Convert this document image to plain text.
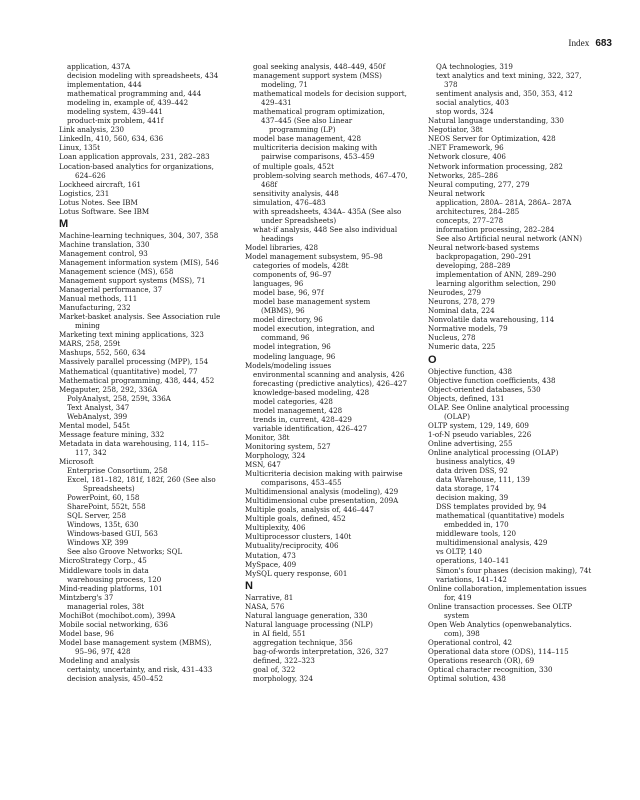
Index 683
application, 437A
decision modeling with spreadsheets, 434
implementation, 444
mathematical programming and, 444
modeling in, example of, 439–442
modeling system, 439–441
product-mix problem, 441f
Link analysis, 230
LinkedIn, 410, 560, 634, 636
Linux, 135t
Loan application approvals, 231, 282–283
Location-based analytics for organizations,
624–626
Lockheed aircraft, 161
Logistics, 231
Lotus Notes. See IBM
Lotus Software. See IBM
M
Machine-learning techniques, 304, 307, 358
Machine translation, 330
Management control, 93
Management information system (MIS), 546
Management science (MS), 658
Management support systems (MSS), 71
Managerial performance, 37
Manual methods, 111
Manufacturing, 232
Market-basket analysis. See Association rule
mining
Marketing text mining applications, 323
MARS, 258, 259t
Mashups, 552, 560, 634
Massively parallel processing (MPP), 154
Mathematical (quantitative) model, 77
Mathematical programming, 438, 444, 452
Megaputer, 258, 292, 336A
PolyAnalyst, 258, 259t, 336A
Text Analyst, 347
WebAnalyst, 399
Mental model, 545t
Message feature mining, 332
Metadata in data warehousing, 114, 115–
117, 342
Microsoft
Enterprise Consortium, 258
Excel, 181–182, 181f, 182f, 260 (See also
Spreadsheets)
PowerPoint, 60, 158
SharePoint, 552t, 558
SQL Server, 258
Windows, 135t, 630
Windows-based GUI, 563
Windows XP, 399
See also Groove Networks; SQL
MicroStrategy Corp., 45
Middleware tools in data
warehousing process, 120
Mind-reading platforms, 101
Mintzberg's 37
managerial roles, 38t
MochiBot (mochibot.com), 399A
Mobile social networking, 636
Model base, 96
Model base management system (MBMS),
95–96, 97f, 428
Modeling and analysis
certainty, uncertainty, and risk, 431–433
decision analysis, 450–452
goal seeking analysis, 448–449, 450f
management support system (MSS)
modeling, 71
mathematical models for decision support,
429–431
mathematical program optimization,
437–445 (See also Linear
programming (LP)
model base management, 428
multicriteria decision making with
pairwise comparisons, 453–459
of multiple goals, 452t
problem-solving search methods, 467–470,
468f
sensitivity analysis, 448
simulation, 476–483
with spreadsheets, 434A– 435A (See also
under Spreadsheets)
what-if analysis, 448 See also individual
headings
Model libraries, 428
Model management subsystem, 95–98
categories of models, 428t
components of, 96–97
languages, 96
model base, 96, 97f
model base management system
(MBMS), 96
model directory, 96
model execution, integration, and
command, 96
model integration, 96
modeling language, 96
Models/modeling issues
environmental scanning and analysis, 426
forecasting (predictive analytics), 426–427
knowledge-based modeling, 428
model categories, 428
model management, 428
trends in, current, 428–429
variable identification, 426–427
Monitor, 38t
Monitoring system, 527
Morphology, 324
MSN, 647
Multicriteria decision making with pairwise
comparisons, 453–455
Multidimensional analysis (modeling), 429
Multidimensional cube presentation, 209A
Multiple goals, analysis of, 446–447
Multiple goals, defined, 452
Multiplexity, 406
Multiprocessor clusters, 140t
Mutuality/reciprocity, 406
Mutation, 473
MySpace, 409
MySQL query response, 601
N
Narrative, 81
NASA, 576
Natural language generation, 330
Natural language processing (NLP)
in AI field, 551
aggregation technique, 356
bag-of-words interpretation, 326, 327
defined, 322–323
goal of, 322
morphology, 324
QA technologies, 319
text analytics and text mining, 322, 327,
378
sentiment analysis and, 350, 353, 412
social analytics, 403
stop words, 324
Natural language understanding, 330
Negotiator, 38t
NEOS Server for Optimization, 428
.NET Framework, 96
Network closure, 406
Network information processing, 282
Networks, 285–286
Neural computing, 277, 279
Neural network
application, 280A– 281A, 286A– 287A
architectures, 284–285
concepts, 277–278
information processing, 282–284
See also Artificial neural network (ANN)
Neural network-based systems
backpropagation, 290–291
developing, 288–289
implementation of ANN, 289–290
learning algorithm selection, 290
Neurodes, 279
Neurons, 278, 279
Nominal data, 224
Nonvolatile data warehousing, 114
Normative models, 79
Nucleus, 278
Numeric data, 225
O
Objective function, 438
Objective function coefficients, 438
Object-oriented databases, 530
Objects, defined, 131
OLAP. See Online analytical processing
(OLAP)
OLTP system, 129, 149, 609
1-of-N pseudo variables, 226
Online advertising, 255
Online analytical processing (OLAP)
business analytics, 49
data driven DSS, 92
data Warehouse, 111, 139
data storage, 174
decision making, 39
DSS templates provided by, 94
mathematical (quantitative) models
embedded in, 170
middleware tools, 120
multidimensional analysis, 429
vs OLTP, 140
operations, 140–141
Simon's four phases (decision making), 74t
variations, 141–142
Online collaboration, implementation issues
for, 419
Online transaction processes. See OLTP
system
Open Web Analytics (openwebanalytics.
com), 398
Operational control, 42
Operational data store (ODS), 114–115
Operations research (OR), 69
Optical character recognition, 330
Optimal solution, 438
